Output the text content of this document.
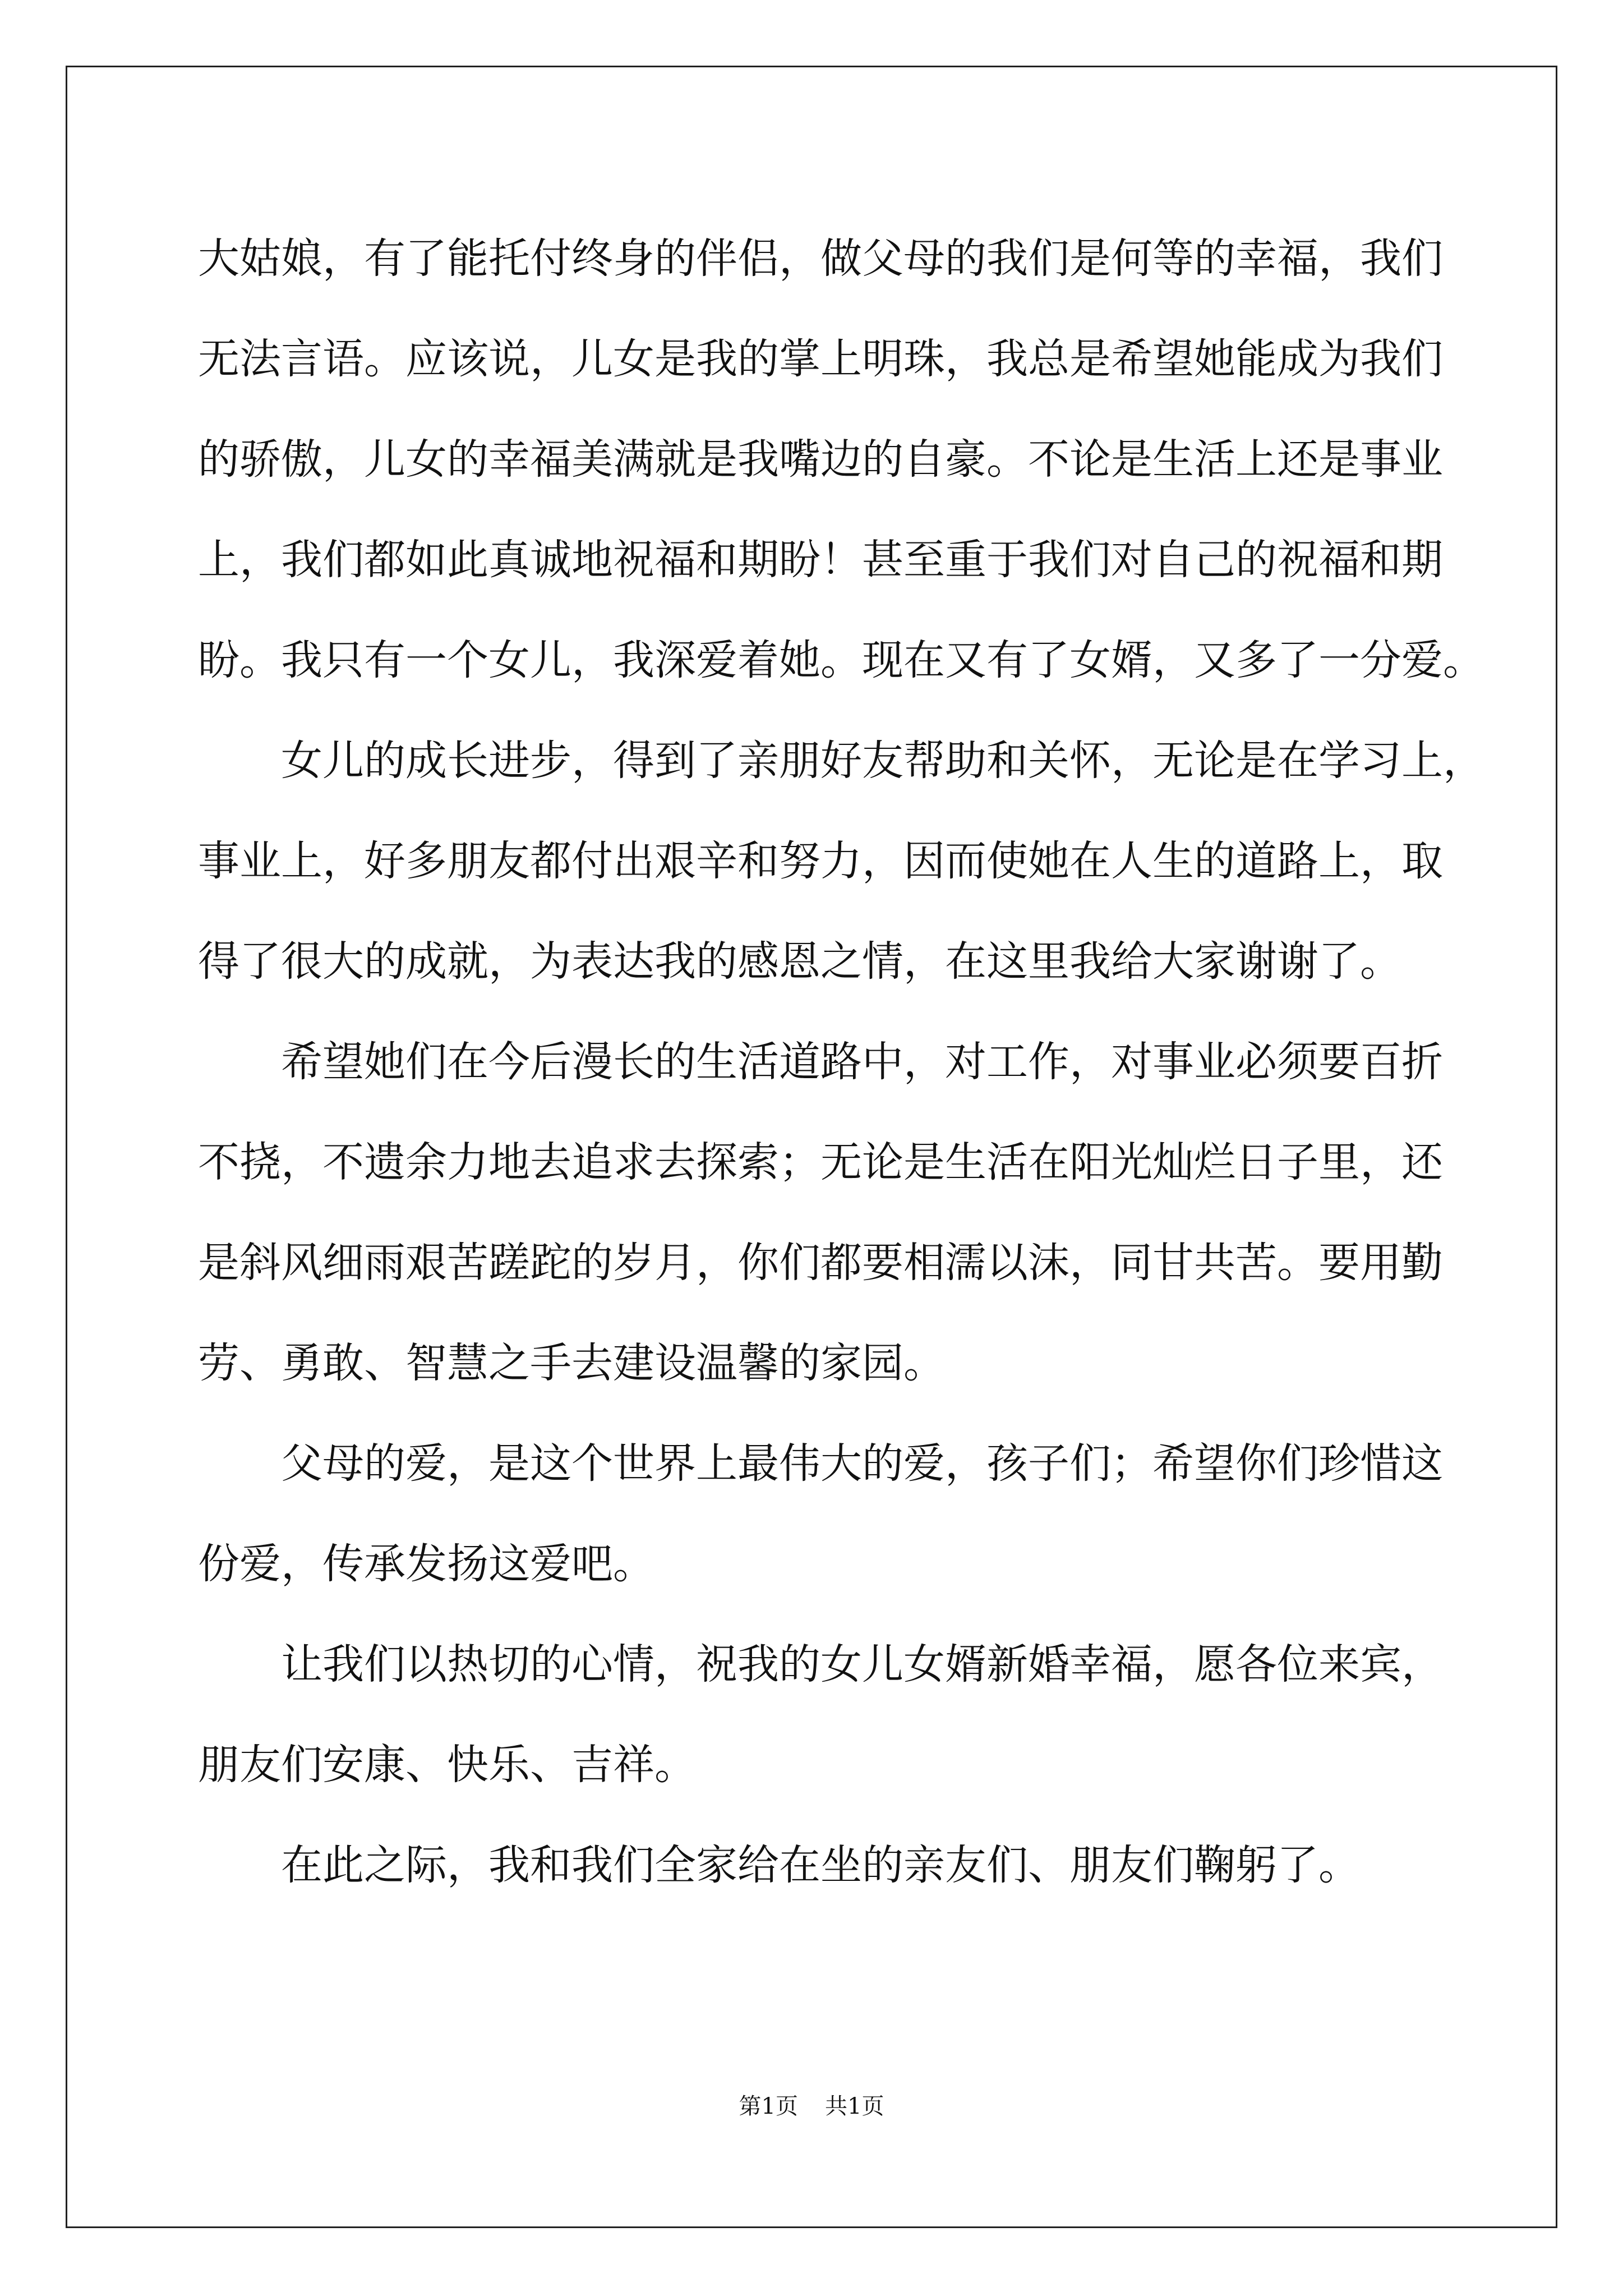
大姑娘，有了能托付终身的伴侣，做父母的我们是何等的幸福，我们
无法言语。应该说，儿女是我的掌上明珠，我总是希望她能成为我们
的骄傲，儿女的幸福美满就是我嘴边的自豪。不论是生活上还是事业
上，我们都如此真诚地祝福和期盼！甚至重于我们对自己的祝福和期
盼。我只有一个女儿，我深爱着她。现在又有了女婿，又多了一分爱。
女儿的成长进步，得到了亲朋好友帮助和关怀，无论是在学习上，
事业上，好多朋友都付出艰辛和努力，因而使她在人生的道路上，取
得了很大的成就，为表达我的感恩之情，在这里我给大家谢谢了。
希望她们在今后漫长的生活道路中，对工作，对事业必须要百折
不挠，不遗余力地去追求去探索；无论是生活在阳光灿烂日子里，还
是斜风细雨艰苦蹉跎的岁月，你们都要相濡以沫，同甘共苦。要用勤
劳、勇敢、智慧之手去建设温馨的家园。
父母的爱，是这个世界上最伟大的爱，孩子们；希望你们珍惜这
份爱，传承发扬这爱吧。
让我们以热切的心情，祝我的女儿女婿新婚幸福，愿各位来宾，
朋友们安康、快乐、吉祥。
在此之际，我和我们全家给在坐的亲友们、朋友们鞠躬了。
第1页 共1页
